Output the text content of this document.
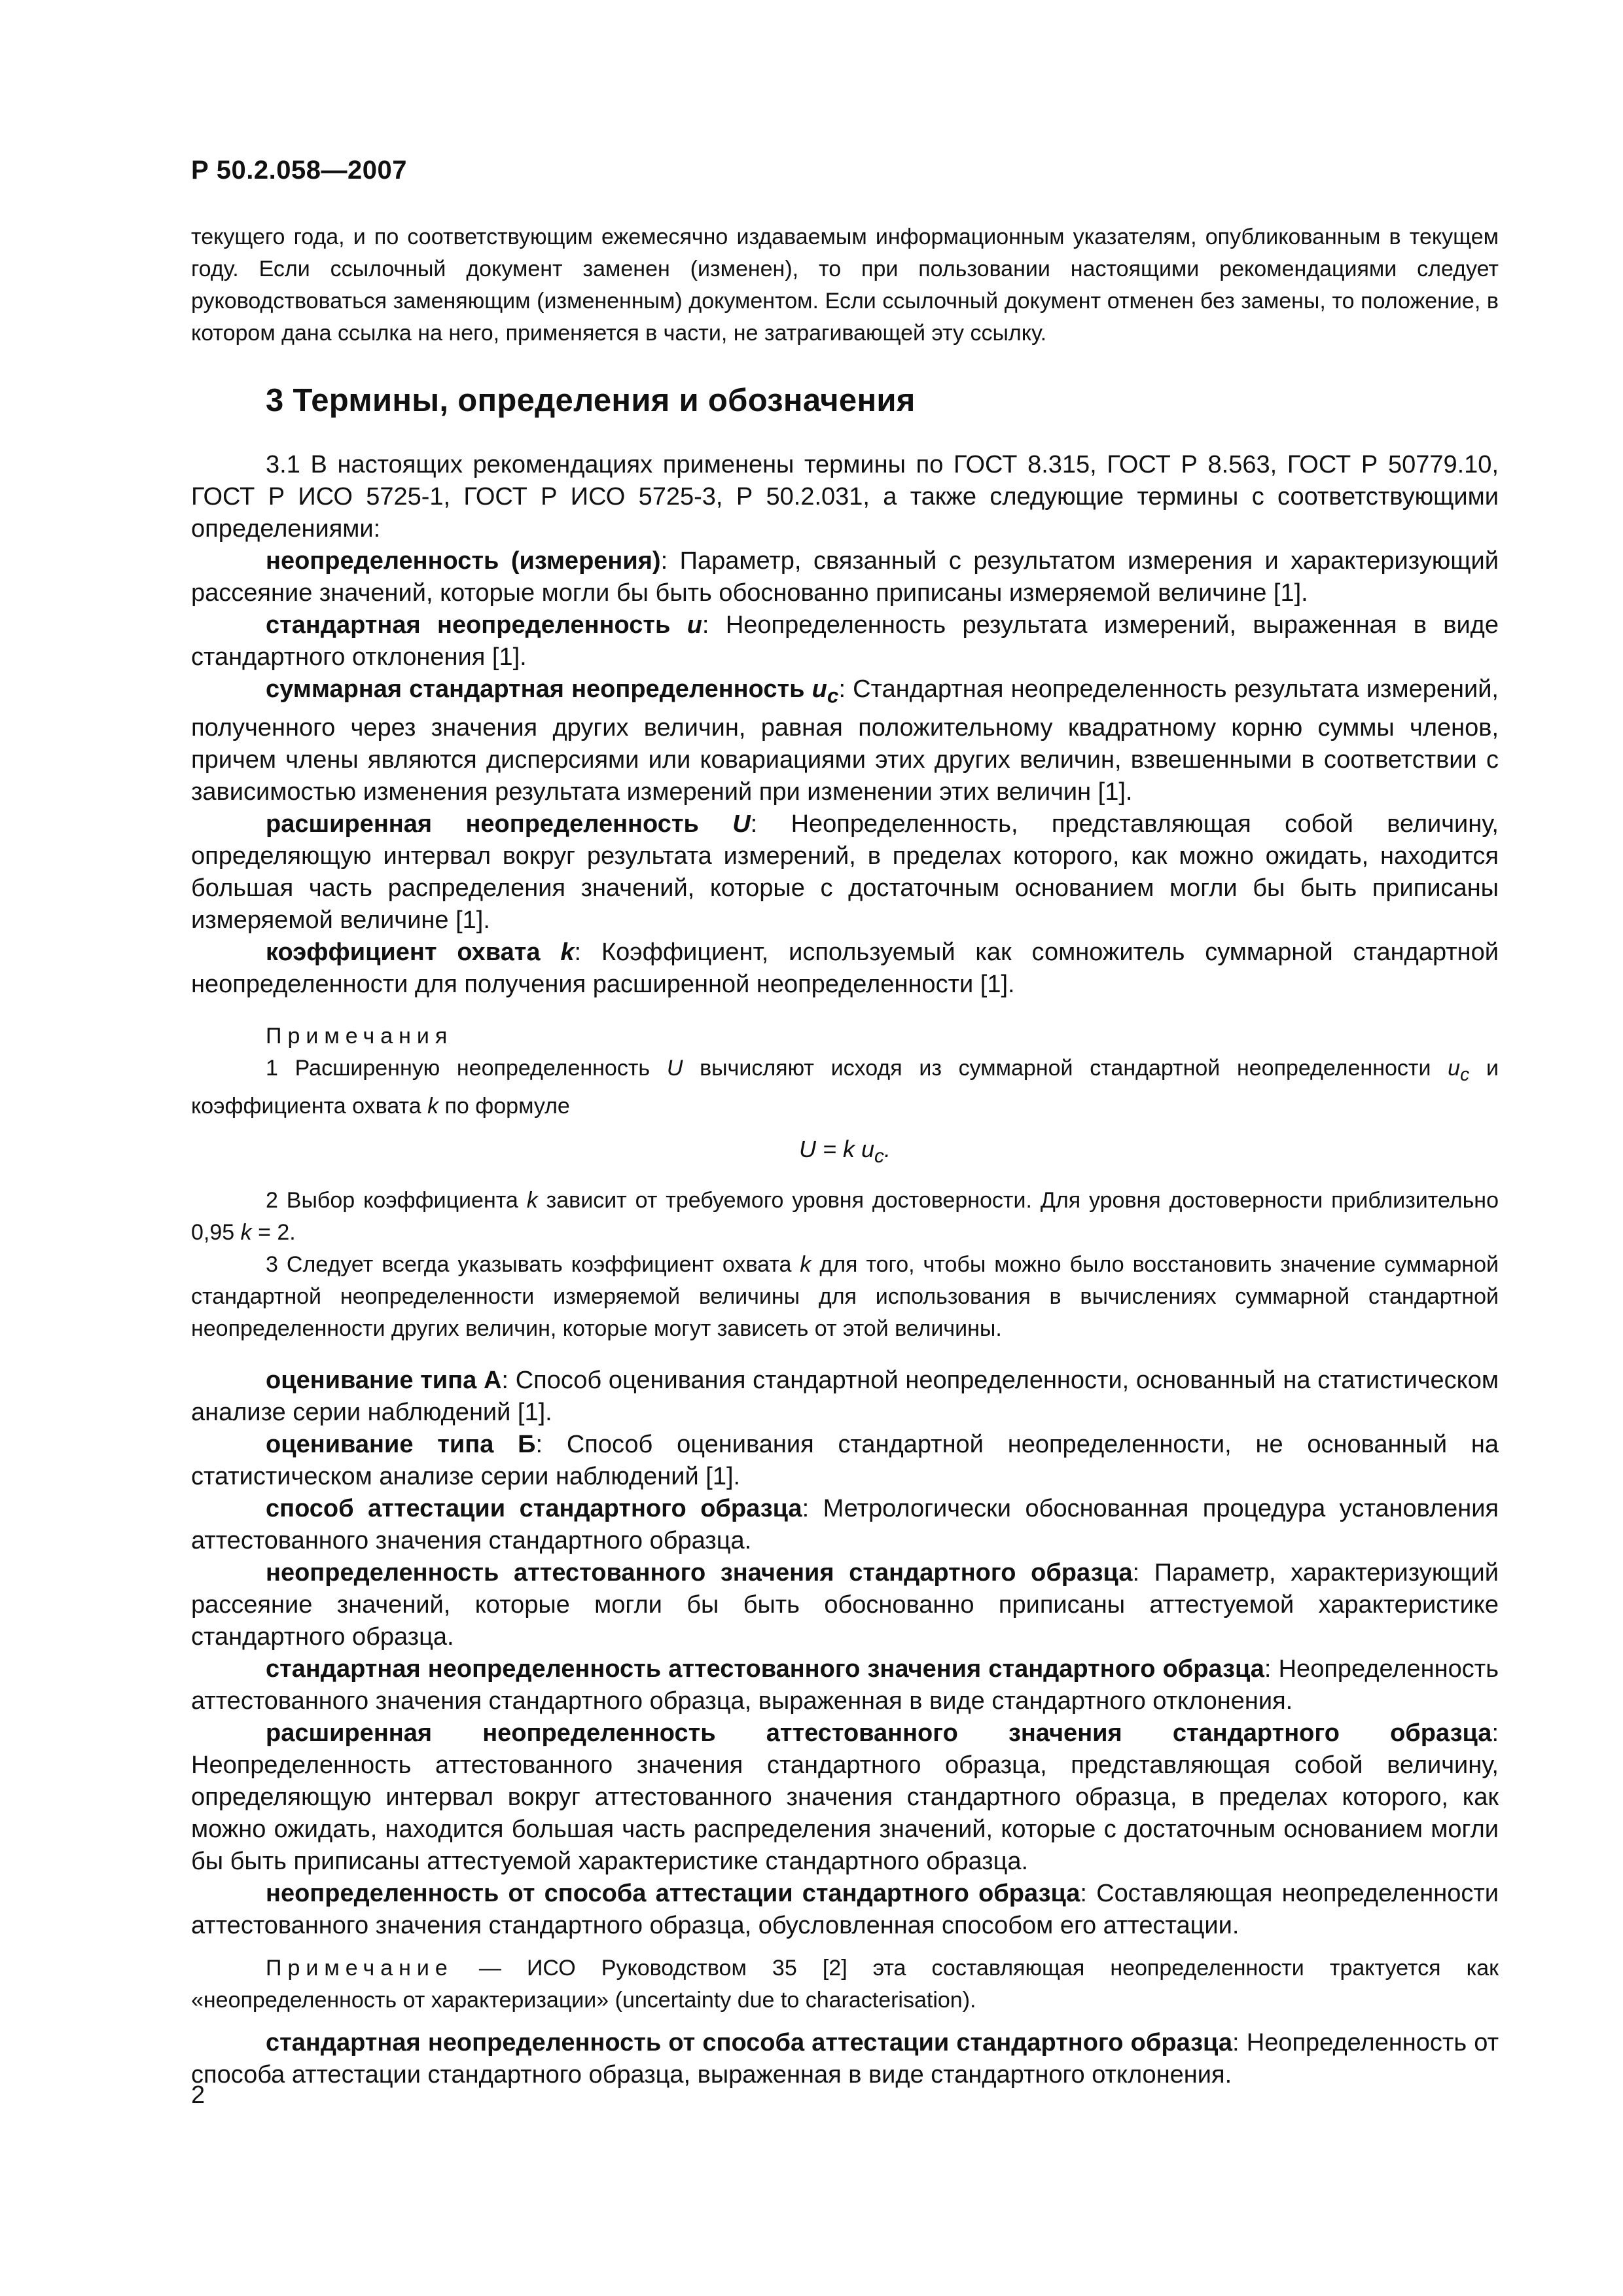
Р 50.2.058—2007

текущего года, и по соответствующим ежемесячно издаваемым информационным указателям, опубликованным в текущем году. Если ссылочный документ заменен (изменен), то при пользовании настоящими рекомендациями следует руководствоваться заменяющим (измененным) документом. Если ссылочный документ отменен без замены, то положение, в котором дана ссылка на него, применяется в части, не затрагивающей эту ссылку.

3 Термины, определения и обозначения

3.1 В настоящих рекомендациях применены термины по ГОСТ 8.315, ГОСТ Р 8.563, ГОСТ Р 50779.10, ГОСТ Р ИСО 5725-1, ГОСТ Р ИСО 5725-3, Р 50.2.031, а также следующие термины с соответствующими определениями:

неопределенность (измерения): Параметр, связанный с результатом измерения и характеризующий рассеяние значений, которые могли бы быть обоснованно приписаны измеряемой величине [1].

стандартная неопределенность u: Неопределенность результата измерений, выраженная в виде стандартного отклонения [1].

суммарная стандартная неопределенность $u_c$: Стандартная неопределенность результата измерений, полученного через значения других величин, равная положительному квадратному корню суммы членов, причем члены являются дисперсиями или ковариациями этих других величин, взвешенными в соответствии с зависимостью изменения результата измерений при изменении этих величин [1].

расширенная неопределенность U: Неопределенность, представляющая собой величину, определяющую интервал вокруг результата измерений, в пределах которого, как можно ожидать, находится большая часть распределения значений, которые с достаточным основанием могли бы быть приписаны измеряемой величине [1].

коэффициент охвата k: Коэффициент, используемый как сомножитель суммарной стандартной неопределенности для получения расширенной неопределенности [1].

Примечания

1 Расширенную неопределенность U вычисляют исходя из суммарной стандартной неопределенности $u_c$ и коэффициента охвата k по формуле

U = k $u_c$.

2 Выбор коэффициента k зависит от требуемого уровня достоверности. Для уровня достоверности приблизительно 0,95 k = 2.

3 Следует всегда указывать коэффициент охвата k для того, чтобы можно было восстановить значение суммарной стандартной неопределенности измеряемой величины для использования в вычислениях суммарной стандартной неопределенности других величин, которые могут зависеть от этой величины.

оценивание типа А: Способ оценивания стандартной неопределенности, основанный на статистическом анализе серии наблюдений [1].

оценивание типа Б: Способ оценивания стандартной неопределенности, не основанный на статистическом анализе серии наблюдений [1].

способ аттестации стандартного образца: Метрологически обоснованная процедура установления аттестованного значения стандартного образца.

неопределенность аттестованного значения стандартного образца: Параметр, характеризующий рассеяние значений, которые могли бы быть обоснованно приписаны аттестуемой характеристике стандартного образца.

стандартная неопределенность аттестованного значения стандартного образца: Неопределенность аттестованного значения стандартного образца, выраженная в виде стандартного отклонения.

расширенная неопределенность аттестованного значения стандартного образца: Неопределенность аттестованного значения стандартного образца, представляющая собой величину, определяющую интервал вокруг аттестованного значения стандартного образца, в пределах которого, как можно ожидать, находится большая часть распределения значений, которые с достаточным основанием могли бы быть приписаны аттестуемой характеристике стандартного образца.

неопределенность от способа аттестации стандартного образца: Составляющая неопределенности аттестованного значения стандартного образца, обусловленная способом его аттестации.

Примечание — ИСО Руководством 35 [2] эта составляющая неопределенности трактуется как «неопределенность от характеризации» (uncertainty due to characterisation).

стандартная неопределенность от способа аттестации стандартного образца: Неопределенность от способа аттестации стандартного образца, выраженная в виде стандартного отклонения.

2
